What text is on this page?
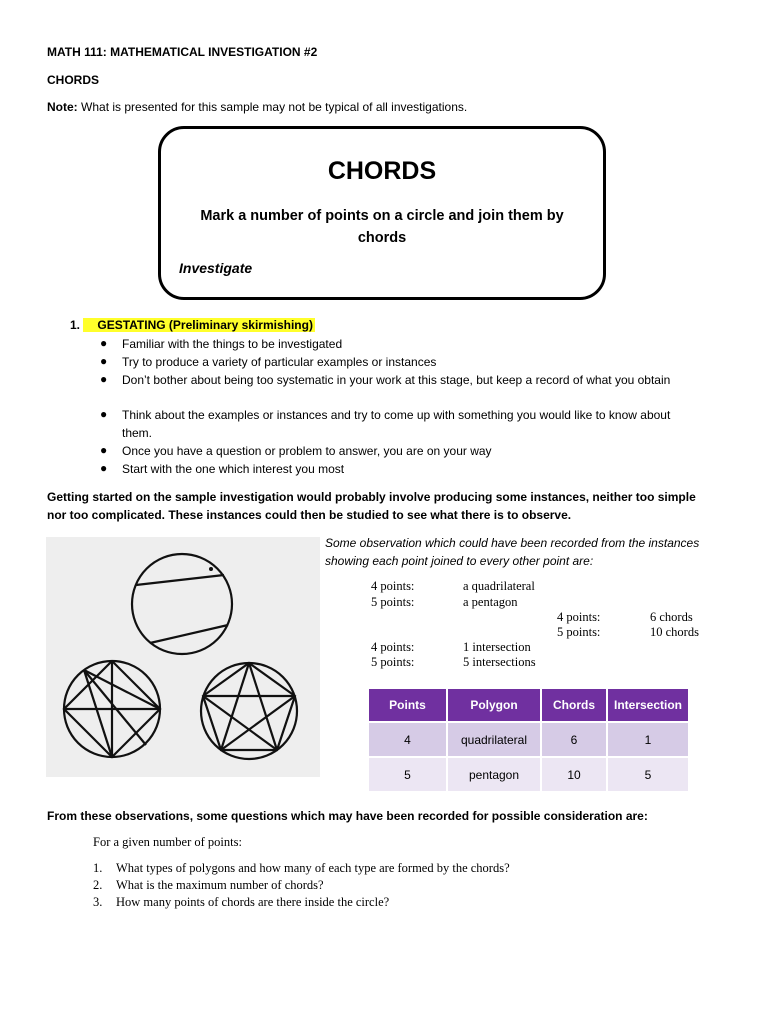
MATH 111: MATHEMATICAL INVESTIGATION #2
CHORDS
Note: What is presented for this sample may not be typical of all investigations.
CHORDS
Mark a number of points on a circle and join them by chords
Investigate
1. GESTATING (Preliminary skirmishing)
● Familiar with the things to be investigated
● Try to produce a variety of particular examples or instances
● Don’t bother about being too systematic in your work at this stage, but keep a record of what you obtain
● Think about the examples or instances and try to come up with something you would like to know about them.
● Once you have a question or problem to answer, you are on your way
● Start with the one which interest you most
Getting started on the sample investigation would probably involve producing some instances, neither too simple nor too complicated. These instances could then be studied to see what there is to observe.
Some observation which could have been recorded from the instances showing each point joined to every other point are:
4 points:	a quadrilateral
5 points:	a pentagon
4 points:	6 chords
5 points:	10 chords
4 points:	1 intersection
5 points:	5 intersections
Points	Polygon	Chords	Intersection
4	quadrilateral	6	1
5	pentagon	10	5
From these observations, some questions which may have been recorded for possible consideration are:
For a given number of points:
1. What types of polygons and how many of each type are formed by the chords?
2. What is the maximum number of chords?
3. How many points of chords are there inside the circle?
